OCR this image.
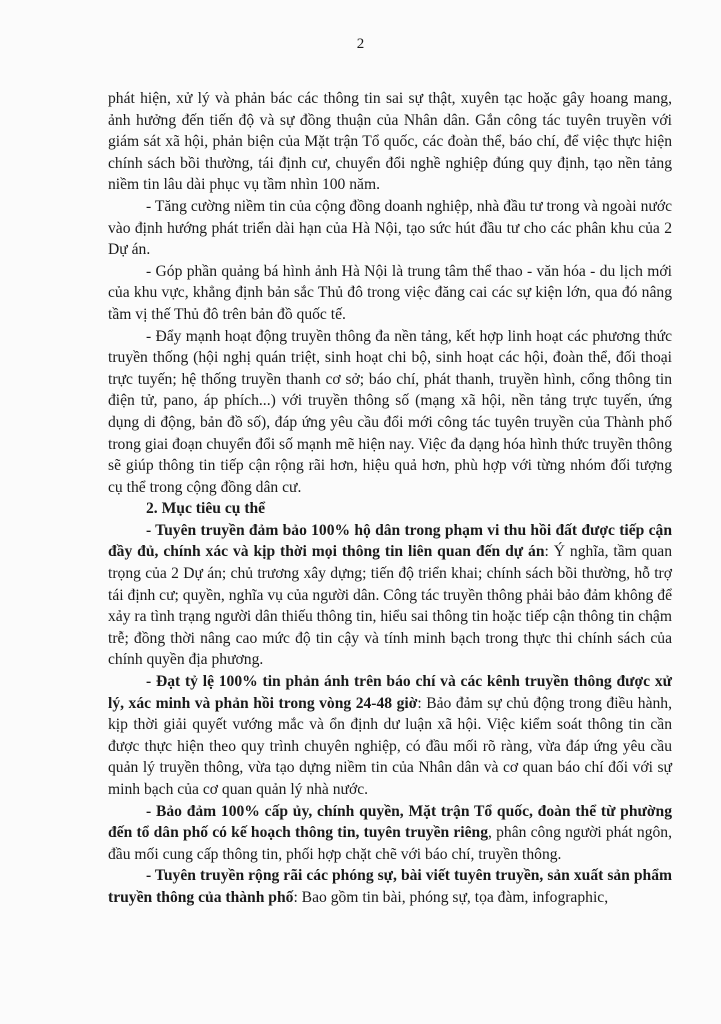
2

phát hiện, xử lý và phản bác các thông tin sai sự thật, xuyên tạc hoặc gây hoang mang, ảnh hưởng đến tiến độ và sự đồng thuận của Nhân dân. Gắn công tác tuyên truyền với giám sát xã hội, phản biện của Mặt trận Tổ quốc, các đoàn thể, báo chí, để việc thực hiện chính sách bồi thường, tái định cư, chuyển đổi nghề nghiệp đúng quy định, tạo nền tảng niềm tin lâu dài phục vụ tầm nhìn 100 năm.

- Tăng cường niềm tin của cộng đồng doanh nghiệp, nhà đầu tư trong và ngoài nước vào định hướng phát triển dài hạn của Hà Nội, tạo sức hút đầu tư cho các phân khu của 2 Dự án.

- Góp phần quảng bá hình ảnh Hà Nội là trung tâm thể thao - văn hóa - du lịch mới của khu vực, khẳng định bản sắc Thủ đô trong việc đăng cai các sự kiện lớn, qua đó nâng tầm vị thế Thủ đô trên bản đồ quốc tế.

- Đẩy mạnh hoạt động truyền thông đa nền tảng, kết hợp linh hoạt các phương thức truyền thống (hội nghị quán triệt, sinh hoạt chi bộ, sinh hoạt các hội, đoàn thể, đối thoại trực tuyến; hệ thống truyền thanh cơ sở; báo chí, phát thanh, truyền hình, cổng thông tin điện tử, pano, áp phích...) với truyền thông số (mạng xã hội, nền tảng trực tuyến, ứng dụng di động, bản đồ số), đáp ứng yêu cầu đổi mới công tác tuyên truyền của Thành phố trong giai đoạn chuyển đổi số mạnh mẽ hiện nay. Việc đa dạng hóa hình thức truyền thông sẽ giúp thông tin tiếp cận rộng rãi hơn, hiệu quả hơn, phù hợp với từng nhóm đối tượng cụ thể trong cộng đồng dân cư.

2. Mục tiêu cụ thể

- Tuyên truyền đảm bảo 100% hộ dân trong phạm vi thu hồi đất được tiếp cận đầy đủ, chính xác và kịp thời mọi thông tin liên quan đến dự án: Ý nghĩa, tầm quan trọng của 2 Dự án; chủ trương xây dựng; tiến độ triển khai; chính sách bồi thường, hỗ trợ tái định cư; quyền, nghĩa vụ của người dân. Công tác truyền thông phải bảo đảm không để xảy ra tình trạng người dân thiếu thông tin, hiểu sai thông tin hoặc tiếp cận thông tin chậm trễ; đồng thời nâng cao mức độ tin cậy và tính minh bạch trong thực thi chính sách của chính quyền địa phương.

- Đạt tỷ lệ 100% tin phản ánh trên báo chí và các kênh truyền thông được xử lý, xác minh và phản hồi trong vòng 24-48 giờ: Bảo đảm sự chủ động trong điều hành, kịp thời giải quyết vướng mắc và ổn định dư luận xã hội. Việc kiểm soát thông tin cần được thực hiện theo quy trình chuyên nghiệp, có đầu mối rõ ràng, vừa đáp ứng yêu cầu quản lý truyền thông, vừa tạo dựng niềm tin của Nhân dân và cơ quan báo chí đối với sự minh bạch của cơ quan quản lý nhà nước.

- Bảo đảm 100% cấp ủy, chính quyền, Mặt trận Tổ quốc, đoàn thể từ phường đến tổ dân phố có kế hoạch thông tin, tuyên truyền riêng, phân công người phát ngôn, đầu mối cung cấp thông tin, phối hợp chặt chẽ với báo chí, truyền thông.

- Tuyên truyền rộng rãi các phóng sự, bài viết tuyên truyền, sản xuất sản phẩm truyền thông của thành phố: Bao gồm tin bài, phóng sự, tọa đàm, infographic,
